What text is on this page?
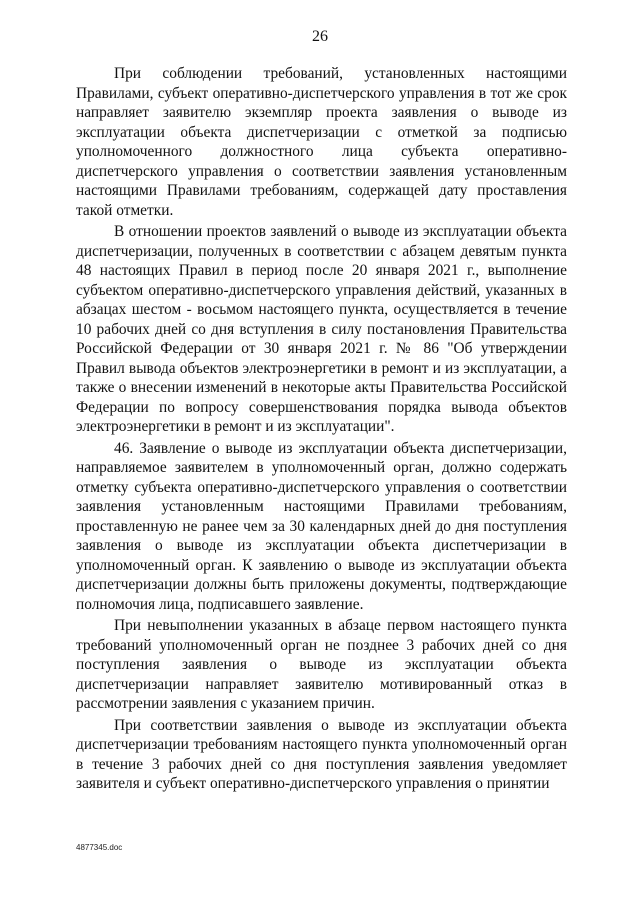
26

При соблюдении требований, установленных настоящими Правилами, субъект оперативно-диспетчерского управления в тот же срок направляет заявителю экземпляр проекта заявления о выводе из эксплуатации объекта диспетчеризации с отметкой за подписью уполномоченного должностного лица субъекта оперативно-диспетчерского управления о соответствии заявления установленным настоящими Правилами требованиям, содержащей дату проставления такой отметки.

В отношении проектов заявлений о выводе из эксплуатации объекта диспетчеризации, полученных в соответствии с абзацем девятым пункта 48 настоящих Правил в период после 20 января 2021 г., выполнение субъектом оперативно-диспетчерского управления действий, указанных в абзацах шестом - восьмом настоящего пункта, осуществляется в течение 10 рабочих дней со дня вступления в силу постановления Правительства Российской Федерации от 30 января 2021 г. № 86 "Об утверждении Правил вывода объектов электроэнергетики в ремонт и из эксплуатации, а также о внесении изменений в некоторые акты Правительства Российской Федерации по вопросу совершенствования порядка вывода объектов электроэнергетики в ремонт и из эксплуатации".

46. Заявление о выводе из эксплуатации объекта диспетчеризации, направляемое заявителем в уполномоченный орган, должно содержать отметку субъекта оперативно-диспетчерского управления о соответствии заявления установленным настоящими Правилами требованиям, проставленную не ранее чем за 30 календарных дней до дня поступления заявления о выводе из эксплуатации объекта диспетчеризации в уполномоченный орган. К заявлению о выводе из эксплуатации объекта диспетчеризации должны быть приложены документы, подтверждающие полномочия лица, подписавшего заявление.

При невыполнении указанных в абзаце первом настоящего пункта требований уполномоченный орган не позднее 3 рабочих дней со дня поступления заявления о выводе из эксплуатации объекта диспетчеризации направляет заявителю мотивированный отказ в рассмотрении заявления с указанием причин.

При соответствии заявления о выводе из эксплуатации объекта диспетчеризации требованиям настоящего пункта уполномоченный орган в течение 3 рабочих дней со дня поступления заявления уведомляет заявителя и субъект оперативно-диспетчерского управления о принятии

4877345.doc
